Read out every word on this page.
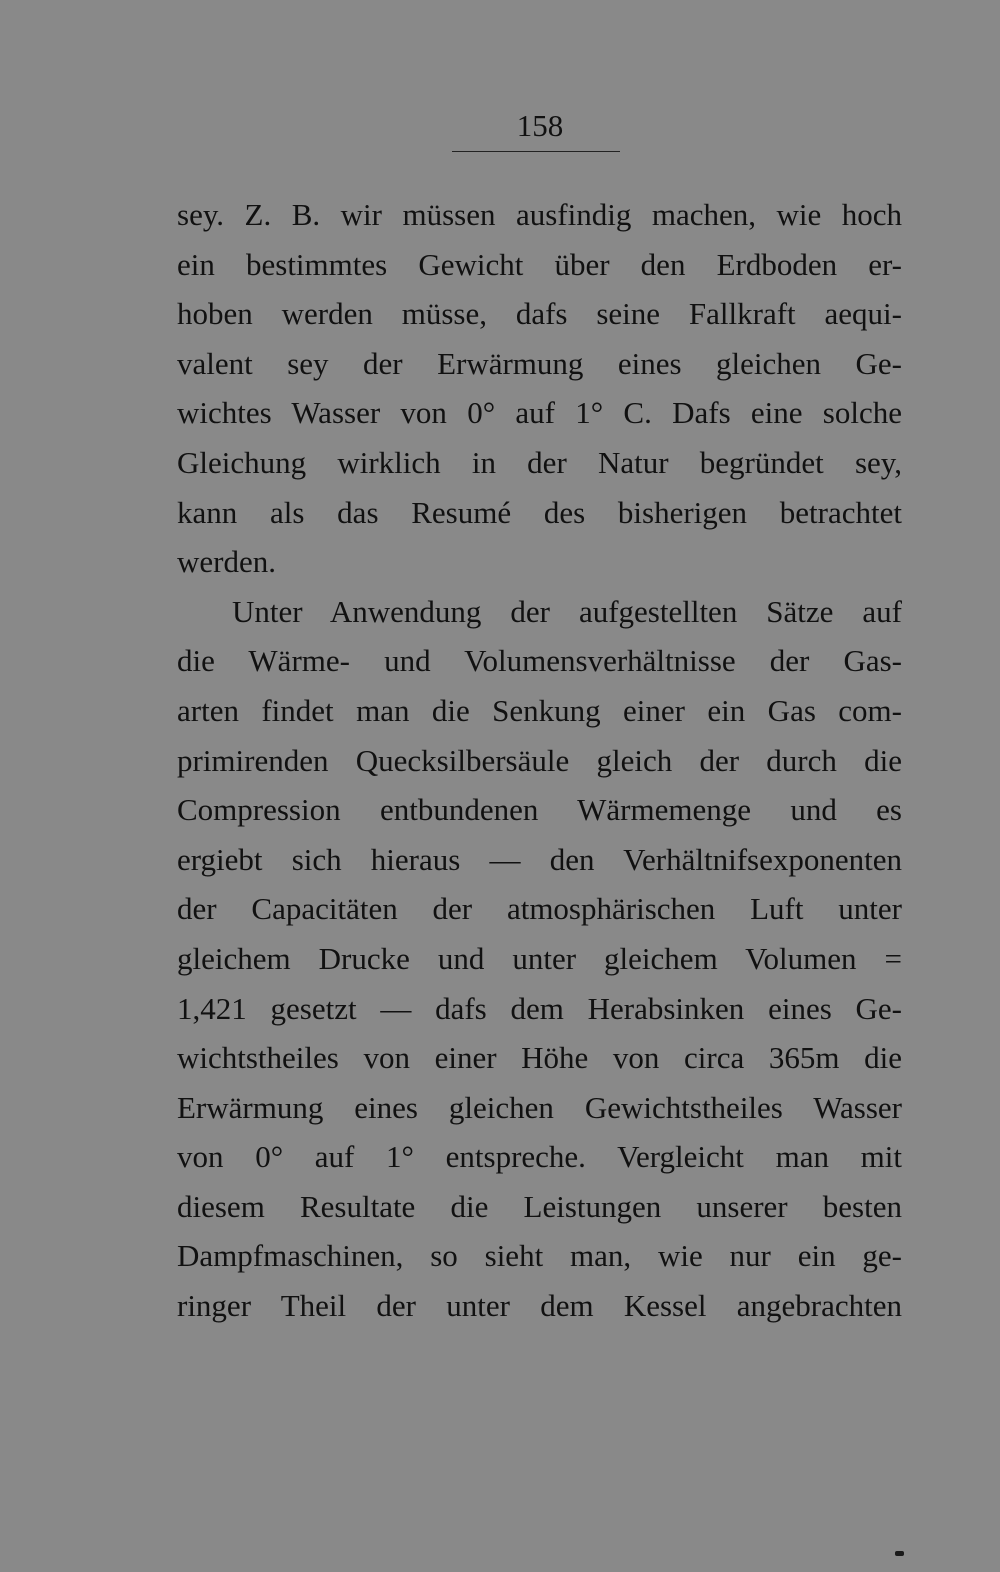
158
sey. Z. B. wir müssen ausfindig machen, wie hoch
ein bestimmtes Gewicht über den Erdboden er-
hoben werden müsse, dafs seine Fallkraft aequi-
valent sey der Erwärmung eines gleichen Ge-
wichtes Wasser von 0° auf 1° C. Dafs eine solche
Gleichung wirklich in der Natur begründet sey,
kann als das Resumé des bisherigen betrachtet
werden.
Unter Anwendung der aufgestellten Sätze auf
die Wärme- und Volumensverhältnisse der Gas-
arten findet man die Senkung einer ein Gas com-
primirenden Quecksilbersäule gleich der durch die
Compression entbundenen Wärmemenge und es
ergiebt sich hieraus — den Verhältnifsexponenten
der Capacitäten der atmosphärischen Luft unter
gleichem Drucke und unter gleichem Volumen =
1,421 gesetzt — dafs dem Herabsinken eines Ge-
wichtstheiles von einer Höhe von circa 365m die
Erwärmung eines gleichen Gewichtstheiles Wasser
von 0° auf 1° entspreche. Vergleicht man mit
diesem Resultate die Leistungen unserer besten
Dampfmaschinen, so sieht man, wie nur ein ge-
ringer Theil der unter dem Kessel angebrachten
